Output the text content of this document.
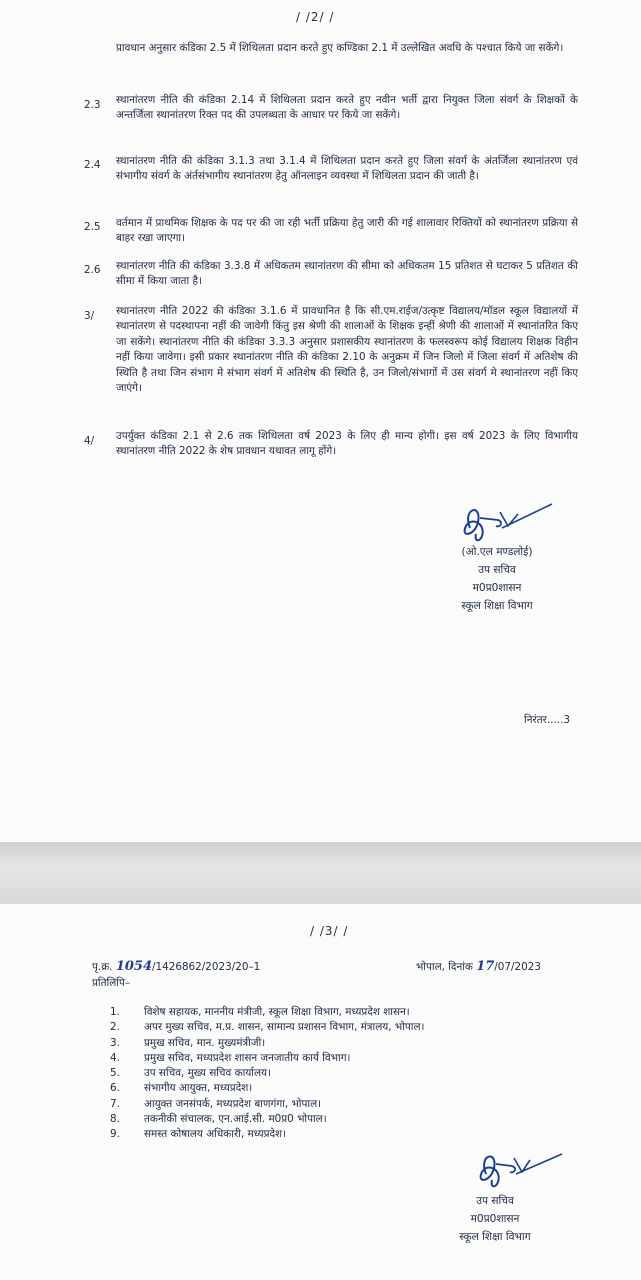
/ /2/ /
प्रावधान अनुसार कंडिका 2.5 में शिथिलता प्रदान करते हुए कण्डिका 2.1 में उल्लेखित अवधि के पश्चात किये जा सकेंगे।
2.3 स्थानांतरण नीति की कंडिका 2.14 में शिथिलता प्रदान करते हुए नवीन भर्ती द्वारा नियुक्त जिला संवर्ग के शिक्षकों के अन्तर्जिला स्थानांतरण रिक्त पद की उपलब्धता के आधार पर किये जा सकेंगे।
2.4 स्थानांतरण नीति की कंडिका 3.1.3 तथा 3.1.4 में शिथिलता प्रदान करते हुए जिला संवर्ग के अंतर्जिला स्थानांतरण एवं संभागीय संवर्ग के अंर्तसंभागीय स्थानांतरण हेतु ऑनलाइन व्यवस्था में शिथिलता प्रदान की जाती है।
2.5 वर्तमान में प्राथमिक शिक्षक के पद पर की जा रही भर्ती प्रक्रिया हेतु जारी की गई शालावार रिक्तियों को स्थानांतरण प्रक्रिया से बाहर रखा जाएगा।
2.6 स्थानांतरण नीति की कंडिका 3.3.8 में अधिकतम स्थानांतरण की सीमा को अधिकतम 15 प्रतिशत से घटाकर 5 प्रतिशत की सीमा में किया जाता है।
3/ स्थानांतरण नीति 2022 की कंडिका 3.1.6 में प्रावधानित है कि सी.एम.राईज/उत्कृष्ट विद्यालय/मॉडल स्कूल विद्यालयों में स्थानांतरण से पदस्थापना नहीं की जावेगी किंतु इस श्रेणी की शालाओं के शिक्षक इन्हीं श्रेणी की शालाओं में स्थानांतरित किए जा सकेंगे। स्थानांतरण नीति की कंडिका 3.3.3 अनुसार प्रशासकीय स्थानांतरण के फलस्वरूप कोई विद्यालय शिक्षक विहीन नहीं किया जावेगा। इसी प्रकार स्थानांतरण नीति की कंडिका 2.10 के अनुक्रम में जिन जिलो में जिला संवर्ग में अतिशेष की स्थिति है तथा जिन संभाग मे संभाग संवर्ग में अतिशेष की स्थिति है, उन जिलो/संभागों में उस संवर्ग मे स्थानांतरण नहीं किए जाएंगे।
4/ उपर्युक्त कंडिका 2.1 से 2.6 तक शिथिलता वर्ष 2023 के लिए ही मान्य होगी। इस वर्ष 2023 के लिए विभागीय स्थानांतरण नीति 2022 के शेष प्रावधान यथावत लागू होंगे।
(ओ.एल मण्डलोई)
उप सचिव
म0प्र0शासन
स्कूल शिक्षा विभाग
निरंतर.....3
/ /3/ /
पृ.क्र. 1054/1426862/2023/20–1	भोपाल, दिनांक 17/07/2023
प्रतिलिपि–
1.	विशेष सहायक, माननीय मंत्रीजी, स्कूल शिक्षा विभाग, मध्यप्रदेश शासन।
2.	अपर मुख्य सचिव, म.प्र. शासन, सामान्य प्रशासन विभाग, मंत्रालय, भोपाल।
3.	प्रमुख सचिव, मान. मुख्यमंत्रीजी।
4.	प्रमुख सचिव, मध्यप्रदेश शासन जनजातीय कार्य विभाग।
5.	उप सचिव, मुख्य सचिव कार्यालय।
6.	संभागीय आयुक्त, मध्यप्रदेश।
7.	आयुक्त जनसंपर्क, मध्यप्रदेश बाणगंगा, भोपाल।
8.	तकनीकी संचालक, एन.आई.सी. म0प्र0 भोपाल।
9.	समस्त कोषालय अधिकारी, मध्यप्रदेश।
उप सचिव
म0प्र0शासन
स्कूल शिक्षा विभाग
